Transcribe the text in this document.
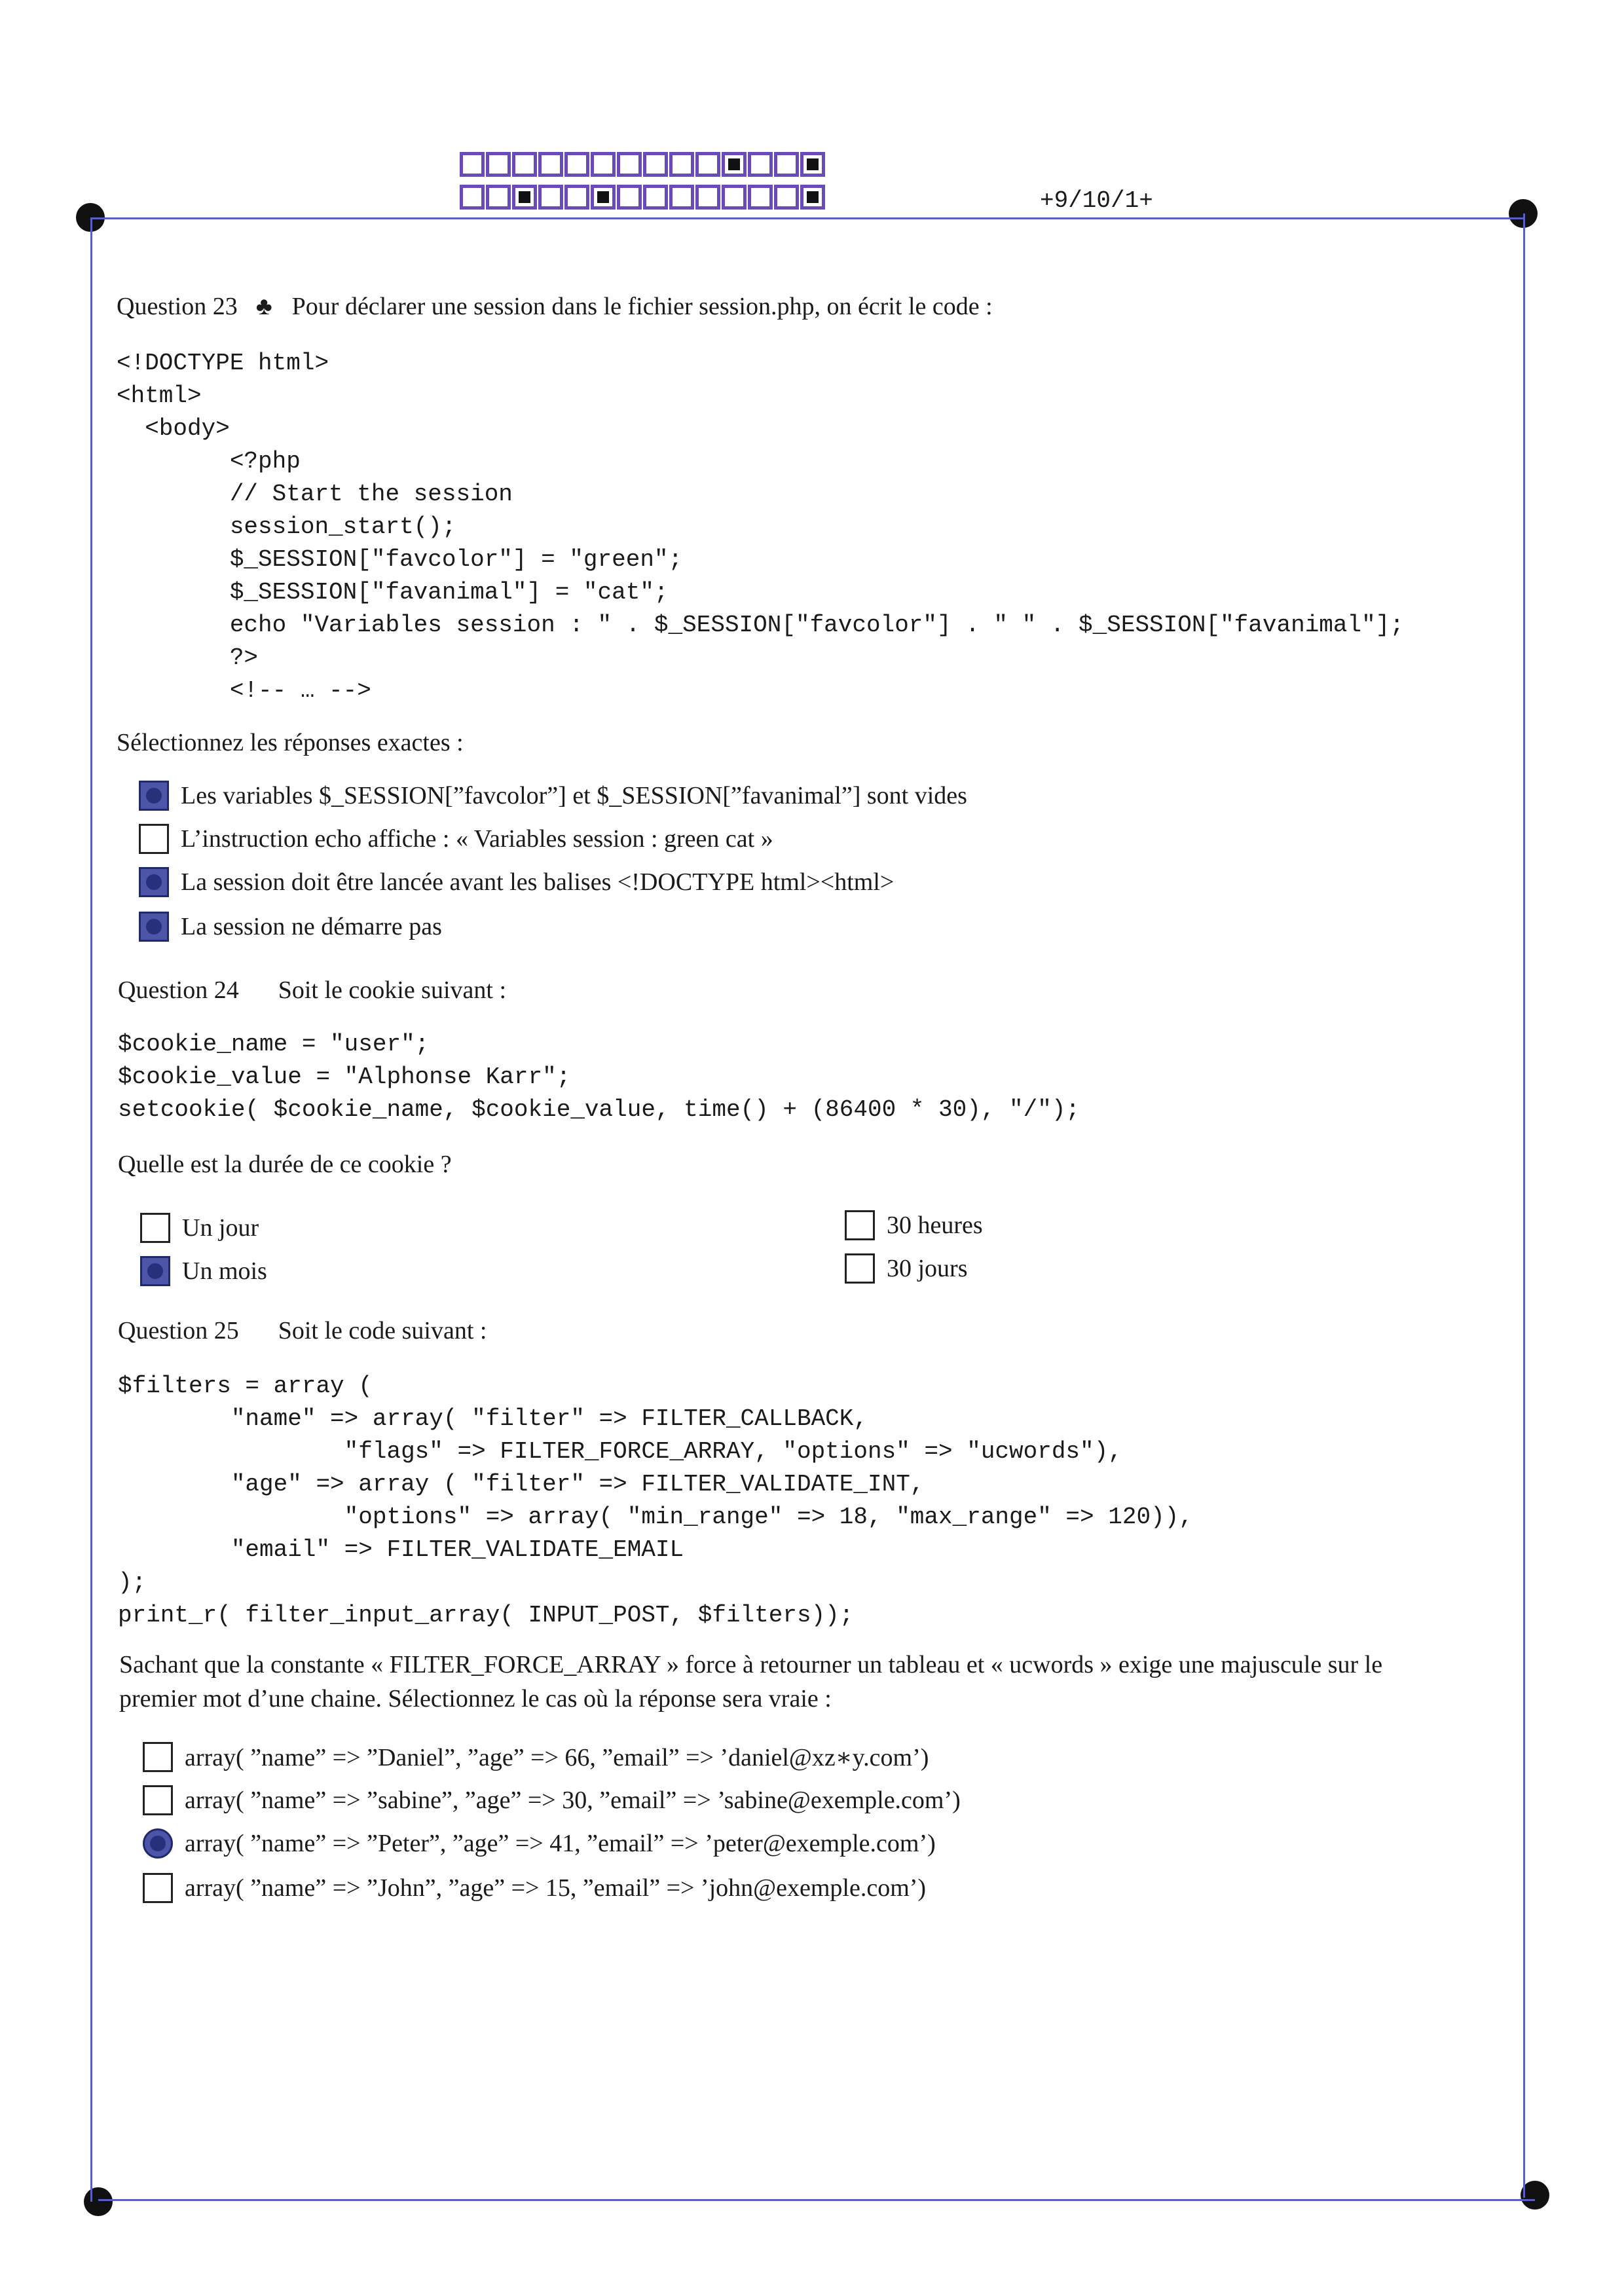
+9/10/1+
Question 23 ♣ Pour déclarer une session dans le fichier session.php, on écrit le code :
<!DOCTYPE html>
<html>
<body>
<?php
// Start the session
session_start();
$_SESSION["favcolor"] = "green";
$_SESSION["favanimal"] = "cat";
echo "Variables session : " . $_SESSION["favcolor"] . " " . $_SESSION["favanimal"];
?>
<!-- … -->
Sélectionnez les réponses exactes :
Les variables $_SESSION[”favcolor”] et $_SESSION[”favanimal”] sont vides
L’instruction echo affiche : « Variables session : green cat »
La session doit être lancée avant les balises <!DOCTYPE html><html>
La session ne démarre pas
Question 24 Soit le cookie suivant :
$cookie_name = "user";
$cookie_value = "Alphonse Karr";
setcookie( $cookie_name, $cookie_value, time() + (86400 * 30), "/");
Quelle est la durée de ce cookie ?
Un jour
Un mois
30 heures
30 jours
Question 25 Soit le code suivant :
$filters = array (
"name" => array( "filter" => FILTER_CALLBACK,
"flags" => FILTER_FORCE_ARRAY, "options" => "ucwords"),
"age" => array ( "filter" => FILTER_VALIDATE_INT,
"options" => array( "min_range" => 18, "max_range" => 120)),
"email" => FILTER_VALIDATE_EMAIL
);
print_r( filter_input_array( INPUT_POST, $filters));
Sachant que la constante « FILTER_FORCE_ARRAY » force à retourner un tableau et « ucwords » exige une majuscule sur le
premier mot d’une chaine. Sélectionnez le cas où la réponse sera vraie :
array( ”name” => ”Daniel”, ”age” => 66, ”email” => ’daniel@xz∗y.com’)
array( ”name” => ”sabine”, ”age” => 30, ”email” => ’sabine@exemple.com’)
array( ”name” => ”Peter”, ”age” => 41, ”email” => ’peter@exemple.com’)
array( ”name” => ”John”, ”age” => 15, ”email” => ’john@exemple.com’)
